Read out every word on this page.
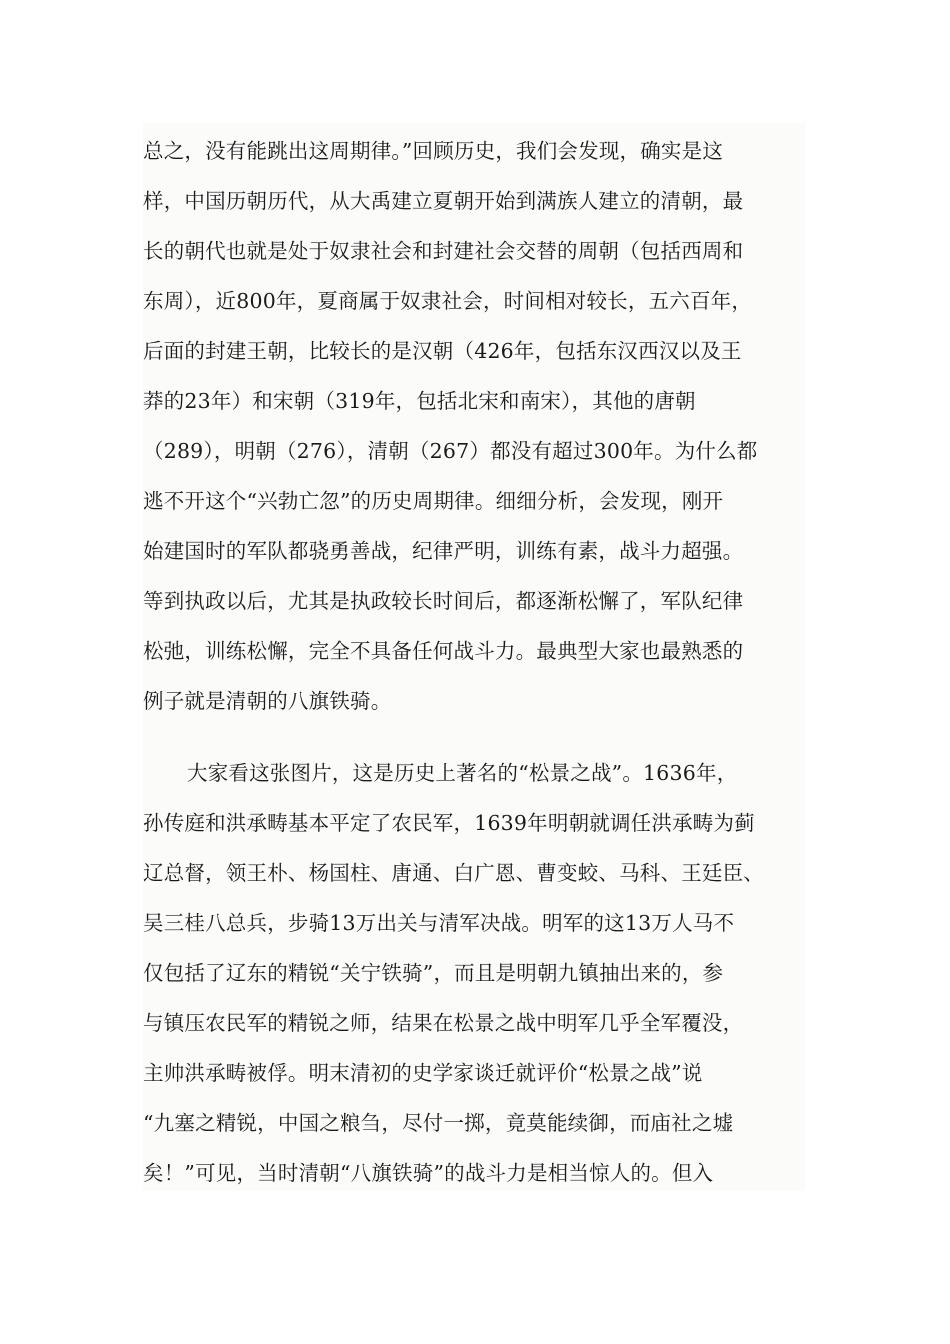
总之，没有能跳出这周期律。”回顾历史，我们会发现，确实是这
样，中国历朝历代，从大禹建立夏朝开始到满族人建立的清朝，最
长的朝代也就是处于奴隶社会和封建社会交替的周朝（包括西周和
东周），近800年，夏商属于奴隶社会，时间相对较长，五六百年，
后面的封建王朝，比较长的是汉朝（426年，包括东汉西汉以及王
莽的23年）和宋朝（319年，包括北宋和南宋），其他的唐朝
（289），明朝（276），清朝（267）都没有超过300年。为什么都
逃不开这个“兴勃亡忽”的历史周期律。细细分析，会发现，刚开
始建国时的军队都骁勇善战，纪律严明，训练有素，战斗力超强。
等到执政以后，尤其是执政较长时间后，都逐渐松懈了，军队纪律
松弛，训练松懈，完全不具备任何战斗力。最典型大家也最熟悉的
例子就是清朝的八旗铁骑。
大家看这张图片，这是历史上著名的“松景之战”。1636年，
孙传庭和洪承畴基本平定了农民军，1639年明朝就调任洪承畴为蓟
辽总督，领王朴、杨国柱、唐通、白广恩、曹变蛟、马科、王廷臣、
吴三桂八总兵，步骑13万出关与清军决战。明军的这13万人马不
仅包括了辽东的精锐“关宁铁骑”，而且是明朝九镇抽出来的，参
与镇压农民军的精锐之师，结果在松景之战中明军几乎全军覆没，
主帅洪承畴被俘。明末清初的史学家谈迁就评价“松景之战”说
“九塞之精锐，中国之粮刍，尽付一掷，竟莫能续御，而庙社之墟
矣！”可见，当时清朝“八旗铁骑”的战斗力是相当惊人的。但入
